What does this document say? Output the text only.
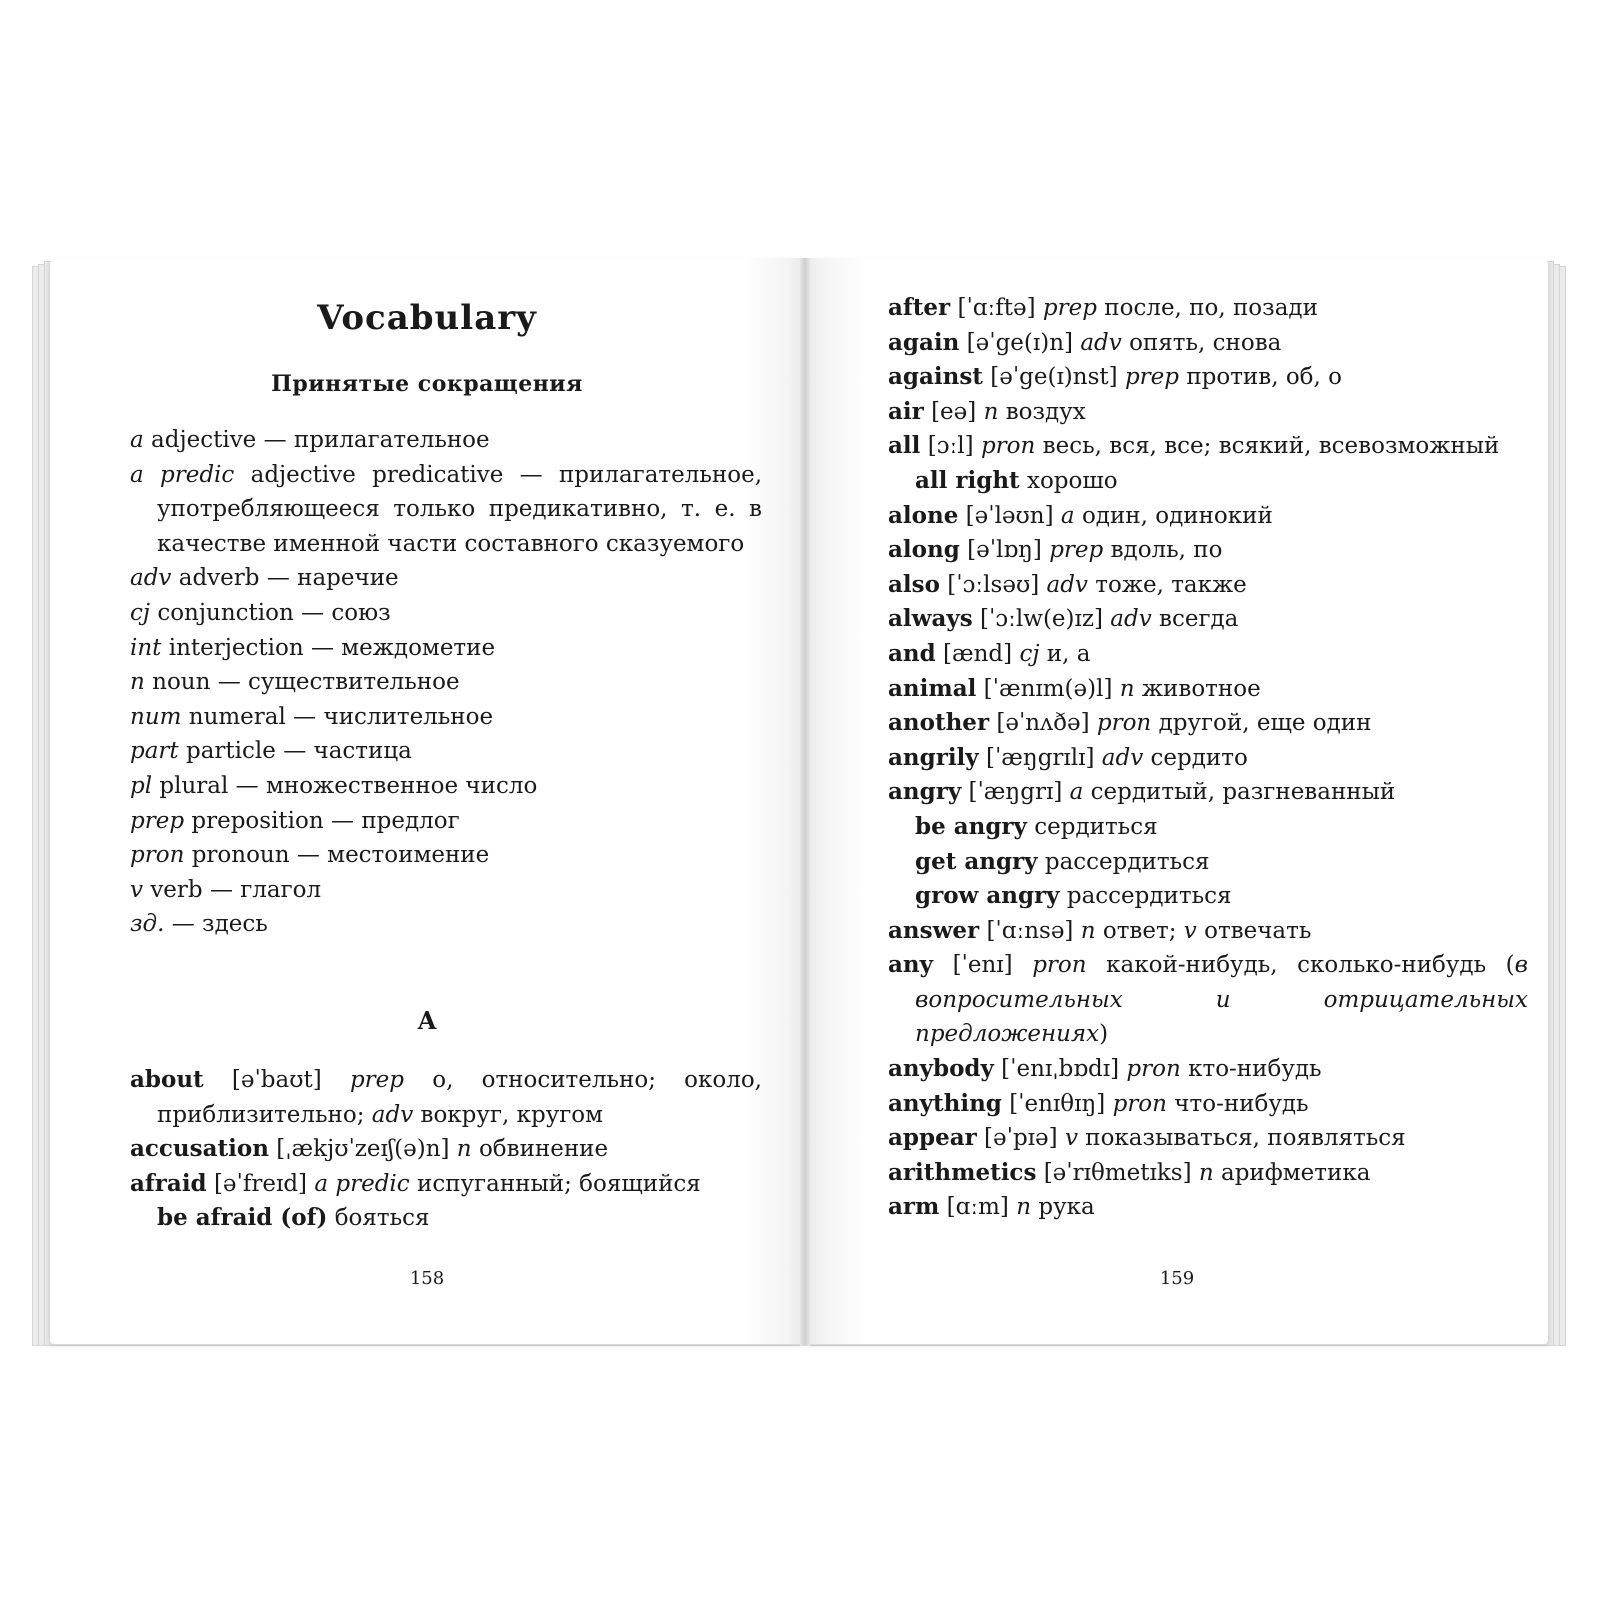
Vocabulary
Принятые сокращения
a adjective — прилагательное
a predic adjective predicative — прилагательное, употребляющееся только предикативно, т. е. в качестве именной части составного сказуемого
adv adverb — наречие
cj conjunction — союз
int interjection — междометие
n noun — существительное
num numeral — числительное
part particle — частица
pl plural — множественное число
prep preposition — предлог
pron pronoun — местоимение
v verb — глагол
зд. — здесь
A
about [əˈbaʊt] prep о, относительно; около, приблизительно; adv вокруг, кругом
accusation [ˌækjʊˈzeɪʃ(ə)n] n обвинение
afraid [əˈfreɪd] a predic испуганный; боящийся
be afraid (of) бояться
158
after [ˈɑːftə] prep после, по, позади
again [əˈge(ɪ)n] adv опять, снова
against [əˈge(ɪ)nst] prep против, об, о
air [eə] n воздух
all [ɔːl] pron весь, вся, все; всякий, всевозможный
all right хорошо
alone [əˈləʊn] a один, одинокий
along [əˈlɒŋ] prep вдоль, по
also [ˈɔːlsəʊ] adv тоже, также
always [ˈɔːlw(e)ɪz] adv всегда
and [ænd] cj и, а
animal [ˈænɪm(ə)l] n животное
another [əˈnʌðə] pron другой, еще один
angrily [ˈæŋgrɪlɪ] adv сердито
angry [ˈæŋgrɪ] a сердитый, разгневанный
be angry сердиться
get angry рассердиться
grow angry рассердиться
answer [ˈɑːnsə] n ответ; v отвечать
any [ˈenɪ] pron какой-нибудь, сколько-нибудь (в вопросительных и отрицательных предложениях)
anybody [ˈenɪˌbɒdɪ] pron кто-нибудь
anything [ˈenɪθɪŋ] pron что-нибудь
appear [əˈpɪə] v показываться, появляться
arithmetics [əˈrɪθmetɪks] n арифметика
arm [ɑːm] n рука
159
